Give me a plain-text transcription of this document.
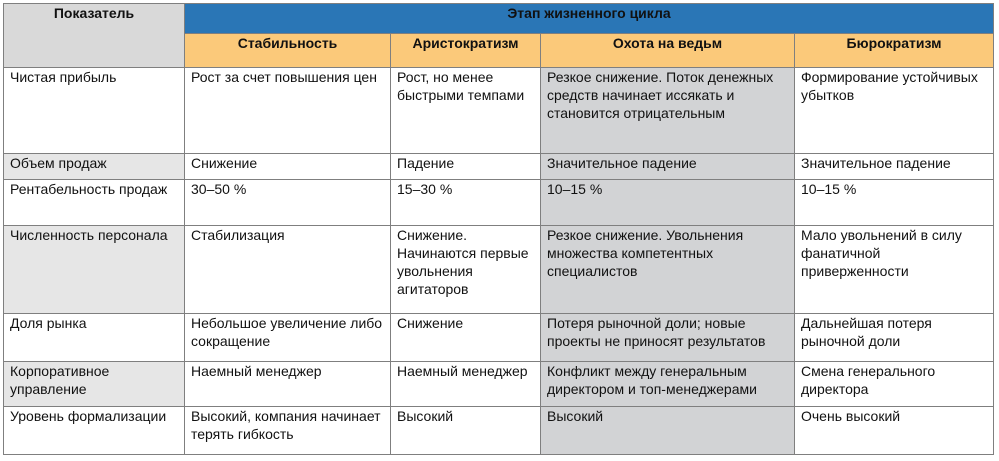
Показатель	Этап жизненного цикла			
	Стабильность	Аристократизм	Охота на ведьм	Бюрократизм
Чистая прибыль	Рост за счет повышения цен	Рост, но менее быстрыми темпами	Резкое снижение. Поток денежных средств начинает иссякать и становится отрицательным	Формирование устойчивых убытков
Объем продаж	Снижение	Падение	Значительное падение	Значительное падение
Рентабельность продаж	30–50 %	15–30 %	10–15 %	10–15 %
Численность персонала	Стабилизация	Снижение. Начинаются первые увольнения агитаторов	Резкое снижение. Увольнения множества компетентных специалистов	Мало увольнений в силу фанатичной приверженности
Доля рынка	Небольшое увеличение либо сокращение	Снижение	Потеря рыночной доли; новые проекты не приносят результатов	Дальнейшая потеря рыночной доли
Корпоративное управление	Наемный менеджер	Наемный менеджер	Конфликт между генеральным директором и топ-менеджерами	Смена генерального директора
Уровень формализации	Высокий, компания начинает терять гибкость	Высокий	Высокий	Очень высокий
